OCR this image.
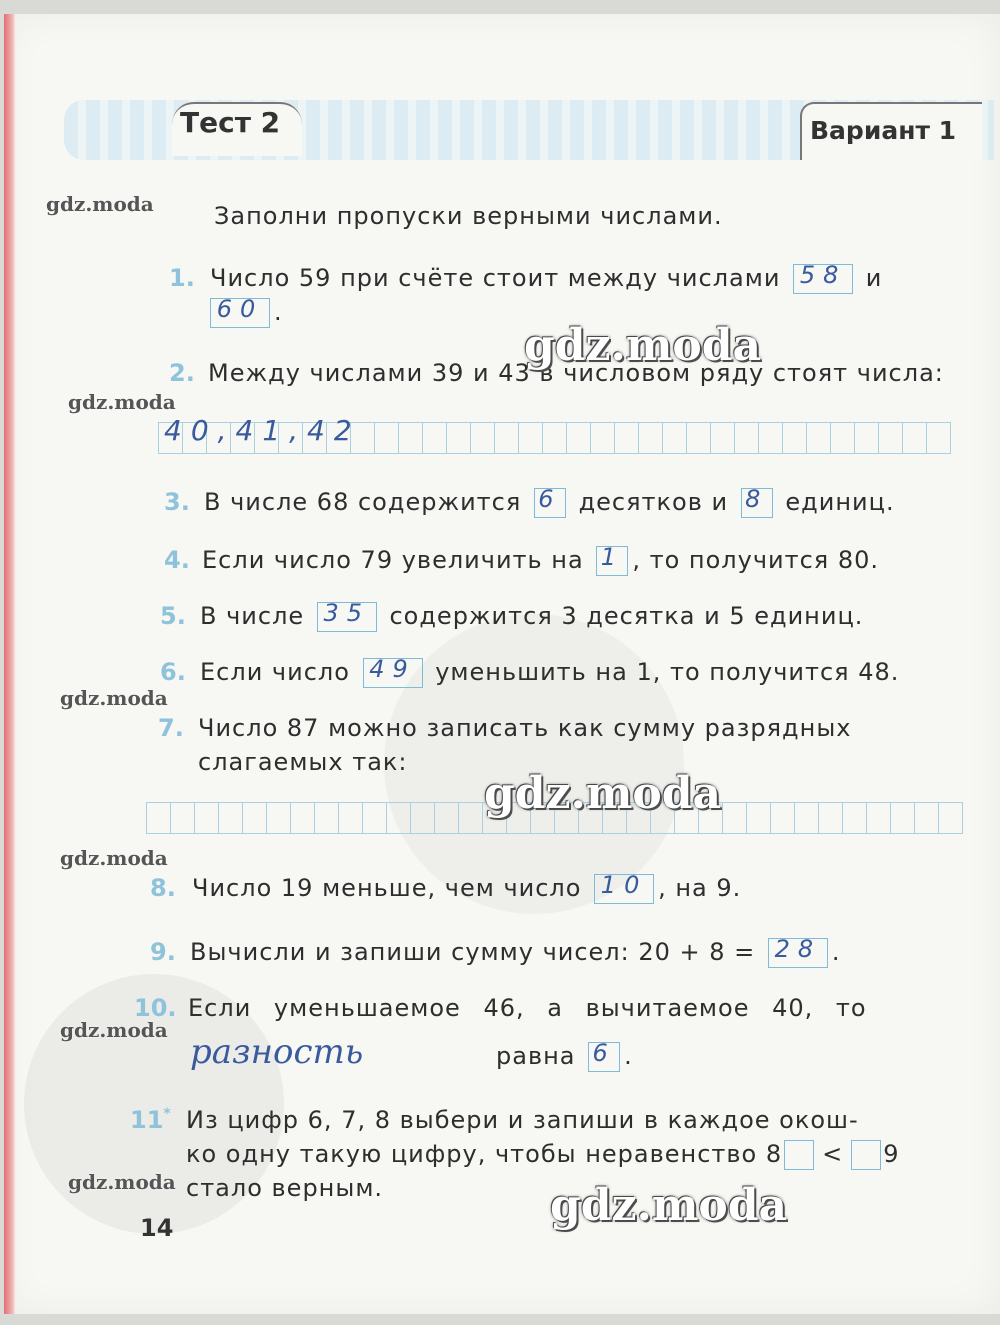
Тест 2	Вариант 1
Заполни пропуски верными числами.
1. Число 59 при счёте стоит между числами 58 и
60 .
2. Между числами 39 и 43 в числовом ряду стоят числа:
40,41,42
3. В числе 68 содержится 6 десятков и 8 единиц.
4. Если число 79 увеличить на 1 , то получится 80.
5. В числе 35 содержится 3 десятка и 5 единиц.
6. Если число 49 уменьшить на 1, то получится 48.
7. Число 87 можно записать как сумму разрядных
слагаемых так:
8. Число 19 меньше, чем число 10 , на 9.
9. Вычисли и запиши сумму чисел: 20 + 8 = 28 .
10. Если уменьшаемое 46, а вычитаемое 40, то
разность	равна 6 .
11* Из цифр 6, 7, 8 выбери и запиши в каждое окош-
ко одну такую цифру, чтобы неравенство 8 < 9
стало верным.
14
gdz.moda
gdz.moda
gdz.moda
gdz.moda
gdz.moda
gdz.moda
gdz.moda
gdz.moda
gdz.moda
